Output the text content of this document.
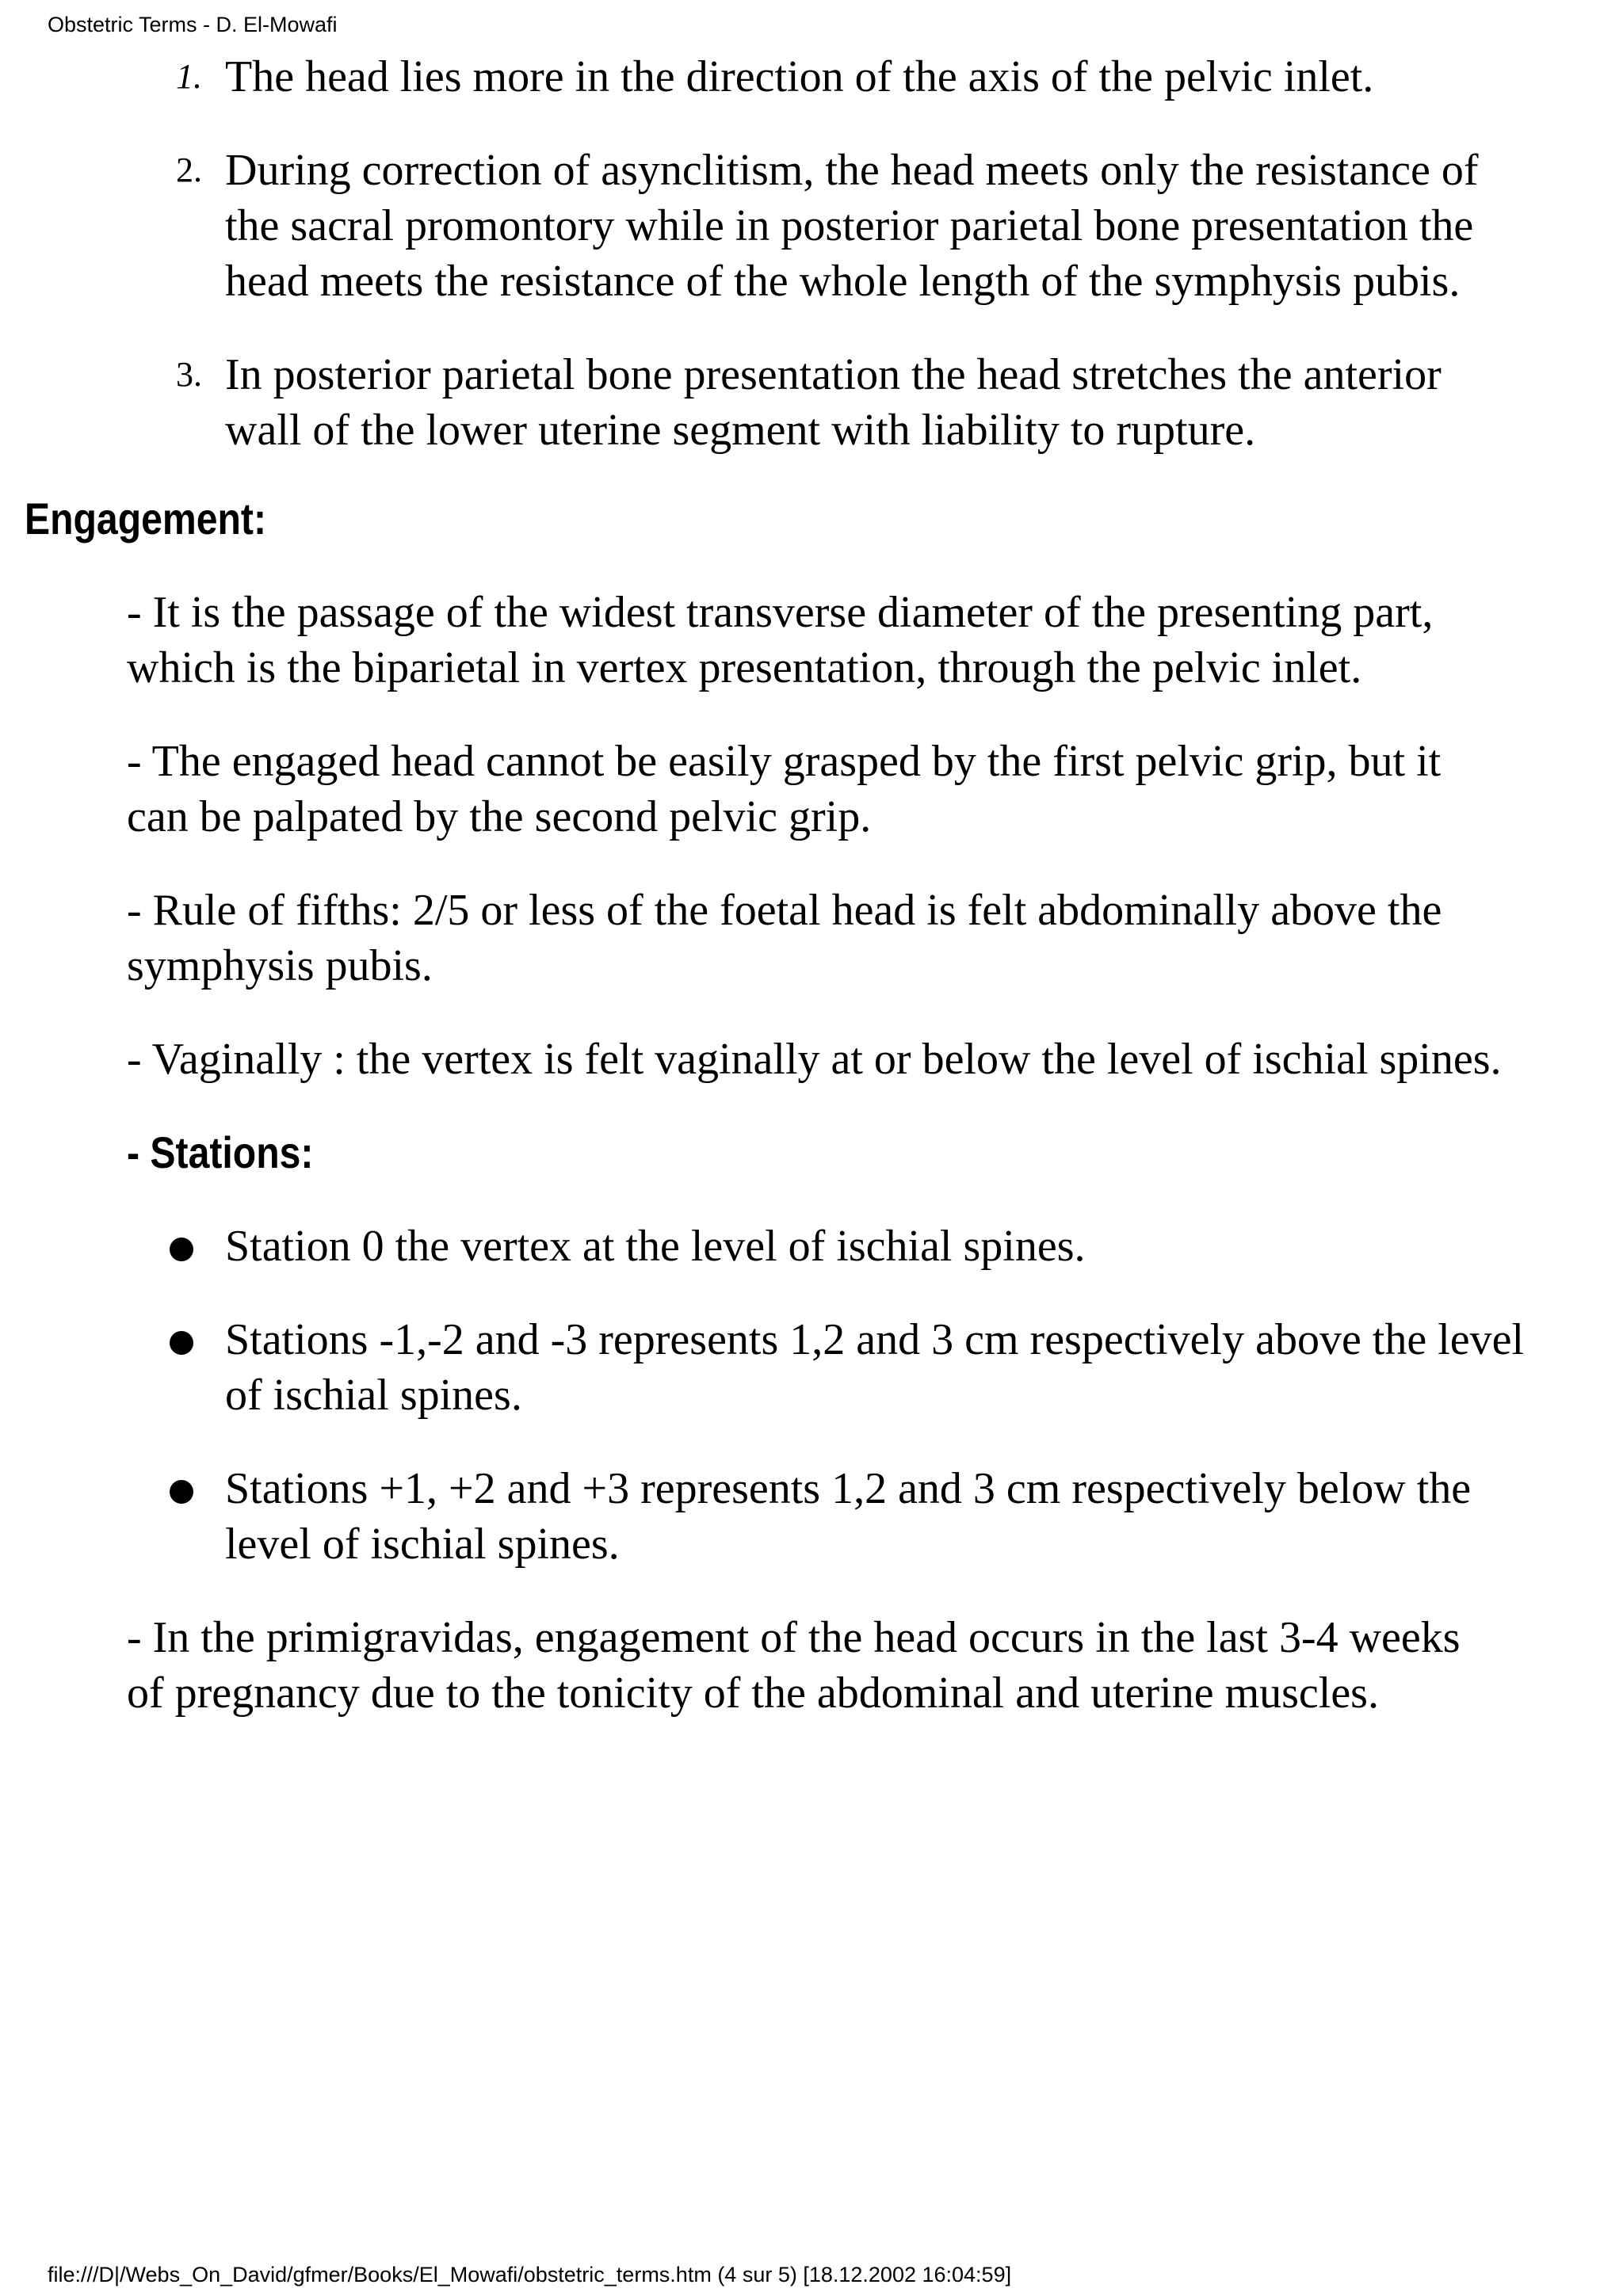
Obstetric Terms - D. El-Mowafi
1. The head lies more in the direction of the axis of the pelvic inlet.
2. During correction of asynclitism, the head meets only the resistance of the sacral promontory while in posterior parietal bone presentation the head meets the resistance of the whole length of the symphysis pubis.
3. In posterior parietal bone presentation the head stretches the anterior wall of the lower uterine segment with liability to rupture.
Engagement:

- It is the passage of the widest transverse diameter of the presenting part, which is the biparietal in vertex presentation, through the pelvic inlet.

- The engaged head cannot be easily grasped by the first pelvic grip, but it can be palpated by the second pelvic grip.

- Rule of fifths: 2/5 or less of the foetal head is felt abdominally above the symphysis pubis.

- Vaginally : the vertex is felt vaginally at or below the level of ischial spines.

- Stations:
Station 0 the vertex at the level of ischial spines.
Stations -1,-2 and -3 represents 1,2 and 3 cm respectively above the level of ischial spines.
Stations +1, +2 and +3 represents 1,2 and 3 cm respectively below the level of ischial spines.

- In the primigravidas, engagement of the head occurs in the last 3-4 weeks of pregnancy due to the tonicity of the abdominal and uterine muscles.

file:///D|/Webs_On_David/gfmer/Books/El_Mowafi/obstetric_terms.htm (4 sur 5) [18.12.2002 16:04:59]
